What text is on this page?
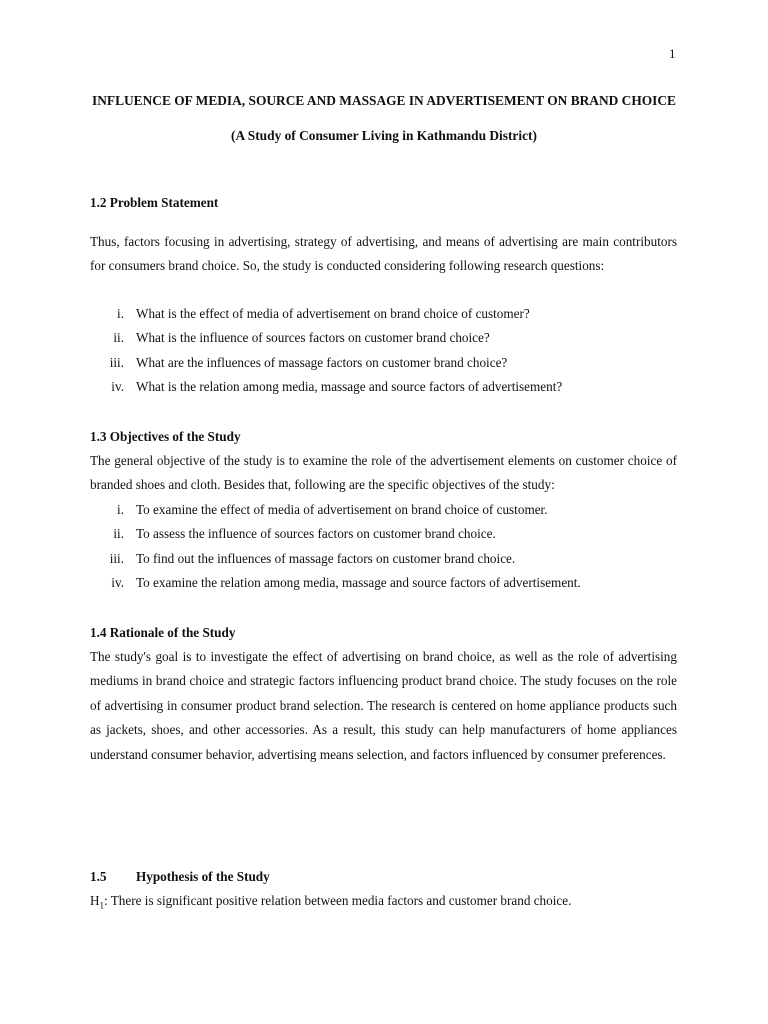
1
INFLUENCE OF MEDIA, SOURCE AND MASSAGE IN ADVERTISEMENT ON BRAND CHOICE
(A Study of Consumer Living in Kathmandu District)
1.2 Problem Statement

Thus, factors focusing in advertising, strategy of advertising, and means of advertising are main contributors for consumers brand choice. So, the study is conducted considering following research questions:

i. What is the effect of media of advertisement on brand choice of customer?
ii. What is the influence of sources factors on customer brand choice?
iii. What are the influences of massage factors on customer brand choice?
iv. What is the relation among media, massage and source factors of advertisement?
1.3 Objectives of the Study

The general objective of the study is to examine the role of the advertisement elements on customer choice of branded shoes and cloth. Besides that, following are the specific objectives of the study:

i. To examine the effect of media of advertisement on brand choice of customer.
ii. To assess the influence of sources factors on customer brand choice.
iii. To find out the influences of massage factors on customer brand choice.
iv. To examine the relation among media, massage and source factors of advertisement.
1.4 Rationale of the Study

The study's goal is to investigate the effect of advertising on brand choice, as well as the role of advertising mediums in brand choice and strategic factors influencing product brand choice. The study focuses on the role of advertising in consumer product brand selection. The research is centered on home appliance products such as jackets, shoes, and other accessories. As a result, this study can help manufacturers of home appliances understand consumer behavior, advertising means selection, and factors influenced by consumer preferences.

1.5 Hypothesis of the Study
$H_1$: There is significant positive relation between media factors and customer brand choice.
